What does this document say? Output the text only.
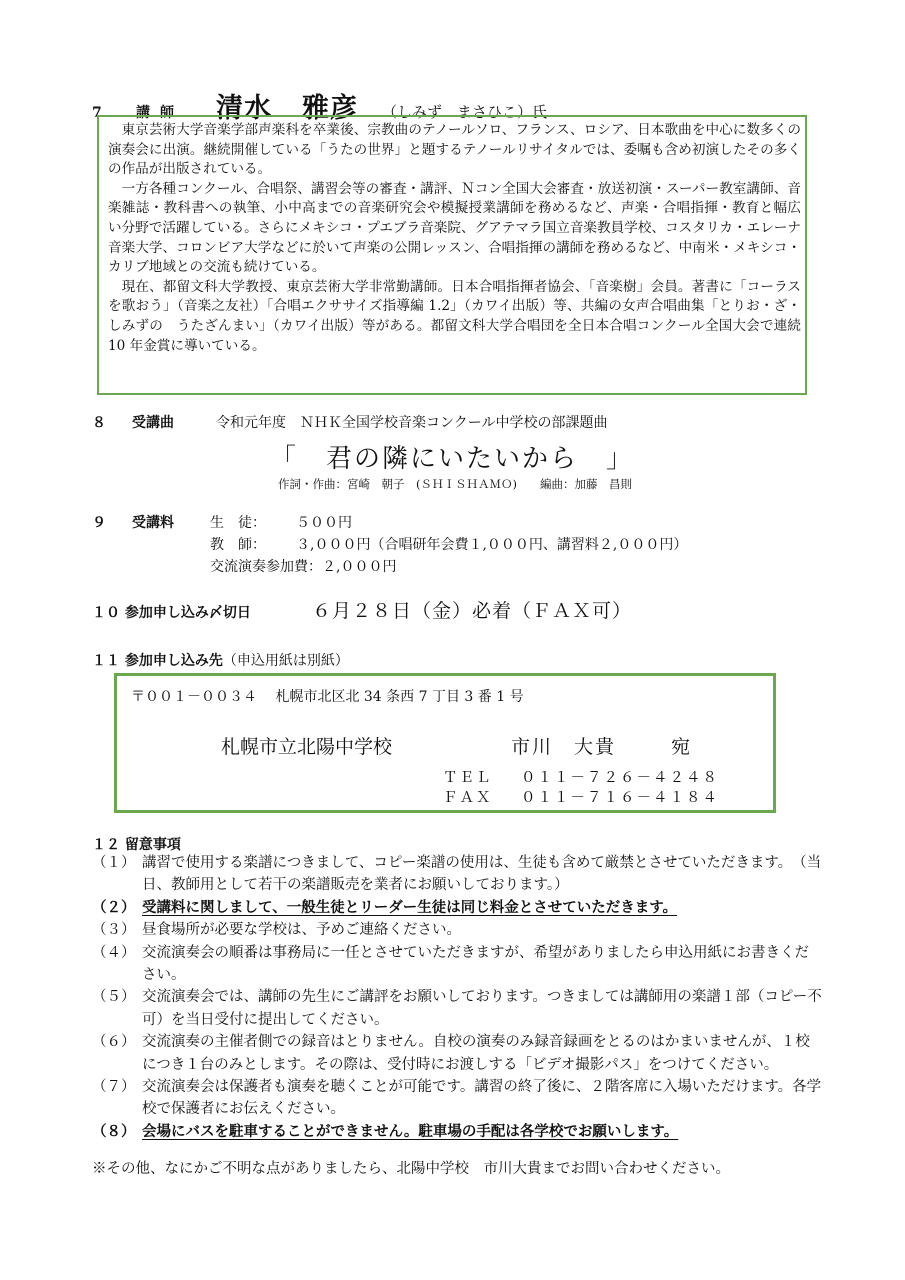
7	講師	清水 雅彦 （しみず　まさひこ）氏

東京芸術大学音楽学部声楽科を卒業後、宗教曲のテノールソロ、フランス、ロシア、日本歌曲を中心に数多くの演奏会に出演。継続開催している「うたの世界」と題するテノールリサイタルでは、委嘱も含め初演したその多くの作品が出版されている。

一方各種コンクール、合唱祭、講習会等の審査・講評、Ｎコン全国大会審査・放送初演・スーパー教室講師、音楽雑誌・教科書への執筆、小中高までの音楽研究会や模擬授業講師を務めるなど、声楽・合唱指揮・教育と幅広い分野で活躍している。さらにメキシコ・プエブラ音楽院、グアテマラ国立音楽教員学校、コスタリカ・エレーナ音楽大学、コロンビア大学などに於いて声楽の公開レッスン、合唱指揮の講師を務めるなど、中南米・メキシコ・カリブ地域との交流も続けている。

現在、都留文科大学教授、東京芸術大学非常勤講師。日本合唱指揮者協会、「音楽樹」会員。著書に「コーラスを歌おう」（音楽之友社）「合唱エクササイズ指導編 1.2」（カワイ出版）等、共編の女声合唱曲集「とりお・ざ・しみずの　うたざんまい」（カワイ出版）等がある。都留文科大学合唱団を全日本合唱コンクール全国大会で連続 10 年金賞に導いている。

８	受講曲	令和元年度　ＮＨＫ全国学校音楽コンクール中学校の部課題曲
「　君の隣にいたいから　」
作詞・作曲：宮崎　朝子　(ＳＨＩＳＨＡＭＯ)　　編曲：加藤　昌則
９	受講料	生　徒：	５００円
教　師：	３,０００円（合唱研年会費１,０００円、講習料２,０００円）
交流演奏参加費：２,０００円
１０ 参加申し込み〆切日	６月２８日（金）必着（ＦＡＸ可）
１１ 参加申し込み先（申込用紙は別紙）
〒００１－００３４　 札幌市北区北 34 条西 7 丁目 3 番 1 号
札幌市立北陽中学校	市川　大貴	宛
ＴＥＬ	０１１－７２６－４２４８
ＦＡＸ	０１１－７１６－４１８４
１２ 留意事項
（１） 講習で使用する楽譜につきまして、コピー楽譜の使用は、生徒も含めて厳禁とさせていただきます。　（当日、教師用として若干の楽譜販売を業者にお願いしております。）
（２） 受講料に関しまして、一般生徒とリーダー生徒は同じ料金とさせていただきます。
（３） 昼食場所が必要な学校は、予めご連絡ください。
（４） 交流演奏会の順番は事務局に一任とさせていただきますが、希望がありましたら申込用紙にお書きください。
（５） 交流演奏会では、講師の先生にご講評をお願いしております。つきましては講師用の楽譜１部（コピー不可）を当日受付に提出してください。
（６） 交流演奏の主催者側での録音はとりません。自校の演奏のみ録音録画をとるのはかまいませんが、１校につき１台のみとします。その際は、受付時にお渡しする「ビデオ撮影パス」をつけてください。
（７） 交流演奏会は保護者も演奏を聴くことが可能です。講習の終了後に、２階客席に入場いただけます。各学校で保護者にお伝えください。
（８） 会場にバスを駐車することができません。駐車場の手配は各学校でお願いします。
※その他、なにかご不明な点がありましたら、北陽中学校　市川大貴までお問い合わせください。
